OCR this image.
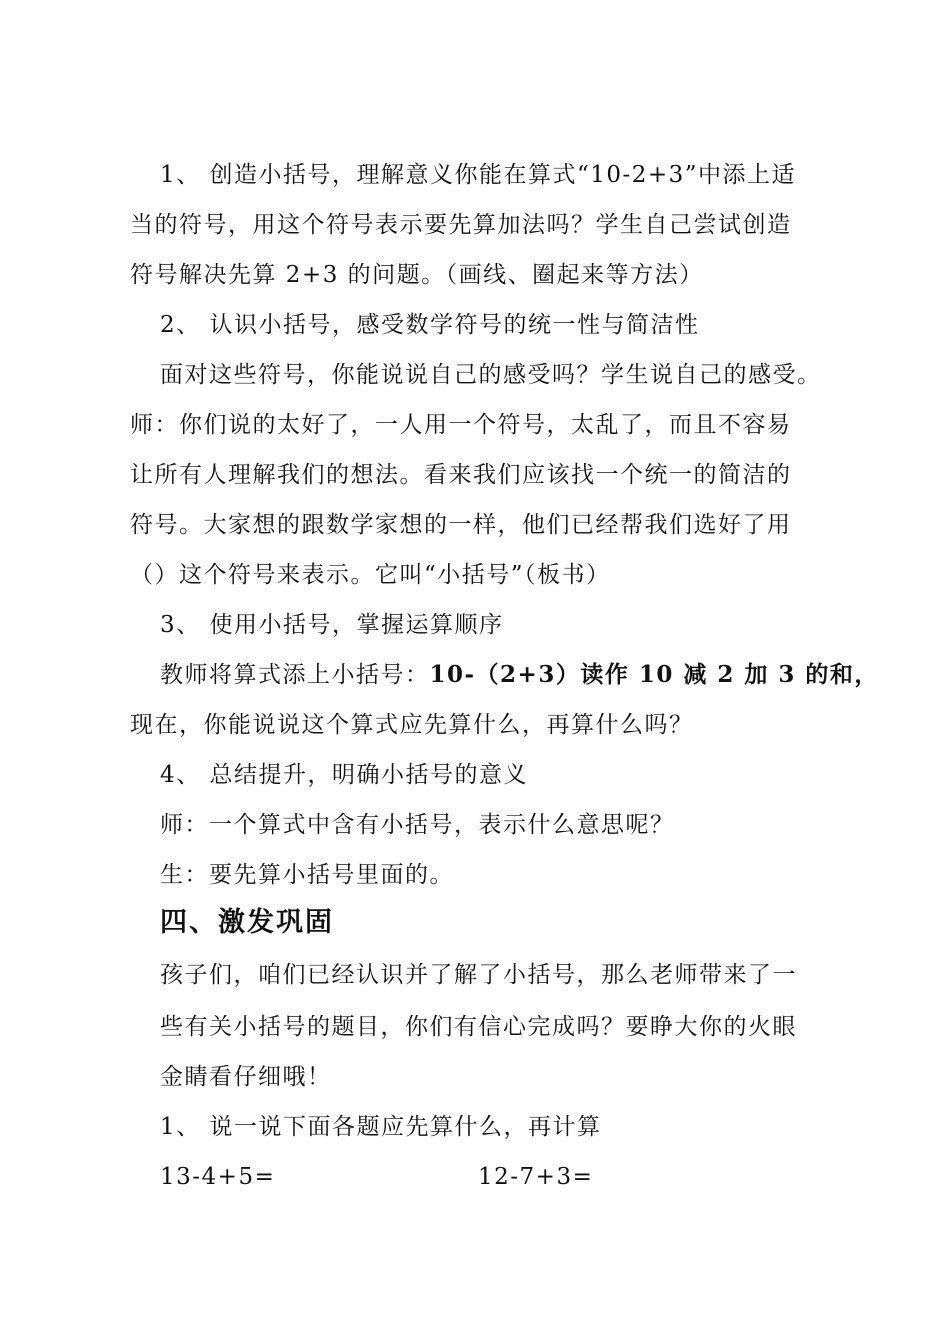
1、 创造小括号，理解意义你能在算式“10-2+3”中添上适
当的符号，用这个符号表示要先算加法吗？学生自己尝试创造
符号解决先算 2+3 的问题。（画线、圈起来等方法）
2、 认识小括号，感受数学符号的统一性与简洁性
面对这些符号，你能说说自己的感受吗？学生说自己的感受。
师：你们说的太好了，一人用一个符号，太乱了，而且不容易
让所有人理解我们的想法。看来我们应该找一个统一的简洁的
符号。大家想的跟数学家想的一样，他们已经帮我们选好了用
（）这个符号来表示。它叫“小括号”（板书）
3、 使用小括号，掌握运算顺序
教师将算式添上小括号：10-（2+3）读作 10 减 2 加 3 的和，
现在，你能说说这个算式应先算什么，再算什么吗？
4、 总结提升，明确小括号的意义
师：一个算式中含有小括号，表示什么意思呢？
生：要先算小括号里面的。
四、激发巩固
孩子们，咱们已经认识并了解了小括号，那么老师带来了一
些有关小括号的题目，你们有信心完成吗？要睁大你的火眼
金睛看仔细哦！
1、 说一说下面各题应先算什么，再计算
13-4+5=	12-7+3=
